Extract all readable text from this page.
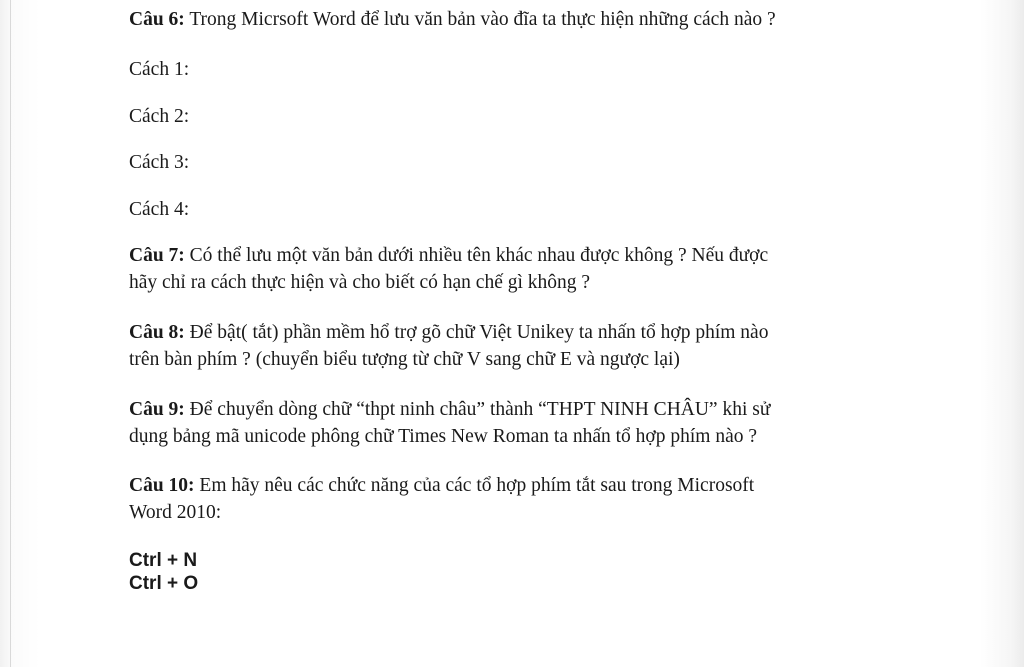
Câu 6: Trong Micrsoft Word để lưu văn bản vào đĩa ta thực hiện những cách nào ?

Cách 1:

Cách 2:

Cách 3:

Cách 4:

Câu 7: Có thể lưu một văn bản dưới nhiều tên khác nhau được không ? Nếu được
hãy chỉ ra cách thực hiện và cho biết có hạn chế gì không ?
Câu 8: Để bật( tắt) phần mềm hổ trợ gõ chữ Việt Unikey ta nhấn tổ hợp phím nào
trên bàn phím ? (chuyển biểu tượng từ chữ V sang chữ E và ngược lại)
Câu 9: Để chuyển dòng chữ “thpt ninh châu” thành “THPT NINH CHÂU” khi sử
dụng bảng mã unicode phông chữ Times New Roman ta nhấn tổ hợp phím nào ?
Câu 10: Em hãy nêu các chức năng của các tổ hợp phím tắt sau trong Microsoft
Word 2010:
Ctrl + N
Ctrl + O
